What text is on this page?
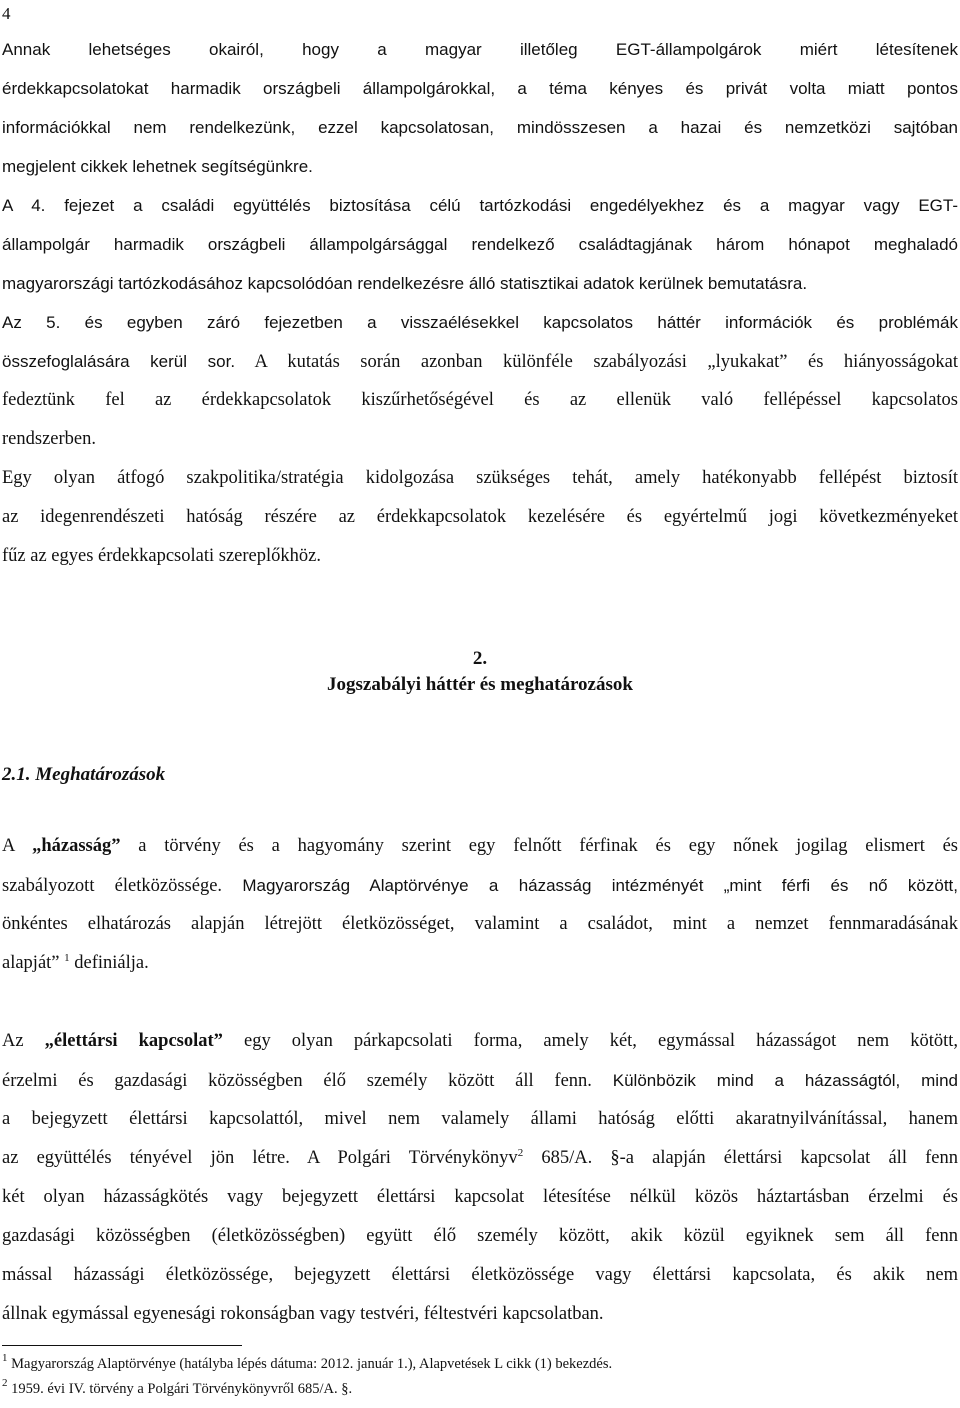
4
Annak lehetséges okairól, hogy a magyar illetőleg EGT-állampolgárok miért létesítenek
érdekkapcsolatokat harmadik országbeli állampolgárokkal, a téma kényes és privát volta miatt pontos
információkkal nem rendelkezünk, ezzel kapcsolatosan, mindösszesen a hazai és nemzetközi sajtóban
megjelent cikkek lehetnek segítségünkre.
A 4. fejezet a családi együttélés biztosítása célú tartózkodási engedélyekhez és a magyar vagy EGT-
állampolgár harmadik országbeli állampolgársággal rendelkező családtagjának három hónapot meghaladó
magyarországi tartózkodásához kapcsolódóan rendelkezésre álló statisztikai adatok kerülnek bemutatásra.
Az 5. és egyben záró fejezetben a visszaélésekkel kapcsolatos háttér információk és problémák
összefoglalására kerül sor. A kutatás során azonban különféle szabályozási „lyukakat” és hiányosságokat
fedeztünk fel az érdekkapcsolatok kiszűrhetőségével és az ellenük való fellépéssel kapcsolatos
rendszerben.
Egy olyan átfogó szakpolitika/stratégia kidolgozása szükséges tehát, amely hatékonyabb fellépést biztosít
az idegenrendészeti hatóság részére az érdekkapcsolatok kezelésére és egyértelmű jogi következményeket
fűz az egyes érdekkapcsolati szereplőkhöz.
2.
Jogszabályi háttér és meghatározások
2.1. Meghatározások
A „házasság” a törvény és a hagyomány szerint egy felnőtt férfinak és egy nőnek jogilag elismert és
szabályozott életközössége. Magyarország Alaptörvénye a házasság intézményét „mint férfi és nő között,
önkéntes elhatározás alapján létrejött életközösséget, valamint a családot, mint a nemzet fennmaradásának
alapját” $^1$ definiálja.
Az „élettársi kapcsolat” egy olyan párkapcsolati forma, amely két, egymással házasságot nem kötött,
érzelmi és gazdasági közösségben élő személy között áll fenn. Különbözik mind a házasságtól, mind
a bejegyzett élettársi kapcsolattól, mivel nem valamely állami hatóság előtti akaratnyilvánítással, hanem
az együttélés tényével jön létre. A Polgári Törvénykönyv$^2$ 685/A. §-a alapján élettársi kapcsolat áll fenn
két olyan házasságkötés vagy bejegyzett élettársi kapcsolat létesítése nélkül közös háztartásban érzelmi és
gazdasági közösségben (életközösségben) együtt élő személy között, akik közül egyiknek sem áll fenn
mással házassági életközössége, bejegyzett élettársi életközössége vagy élettársi kapcsolata, és akik nem
állnak egymással egyenesági rokonságban vagy testvéri, féltestvéri kapcsolatban.
$^1$ Magyarország Alaptörvénye (hatályba lépés dátuma: 2012. január 1.), Alapvetések L cikk (1) bekezdés.
$^2$ 1959. évi IV. törvény a Polgári Törvénykönyvről 685/A. §.
